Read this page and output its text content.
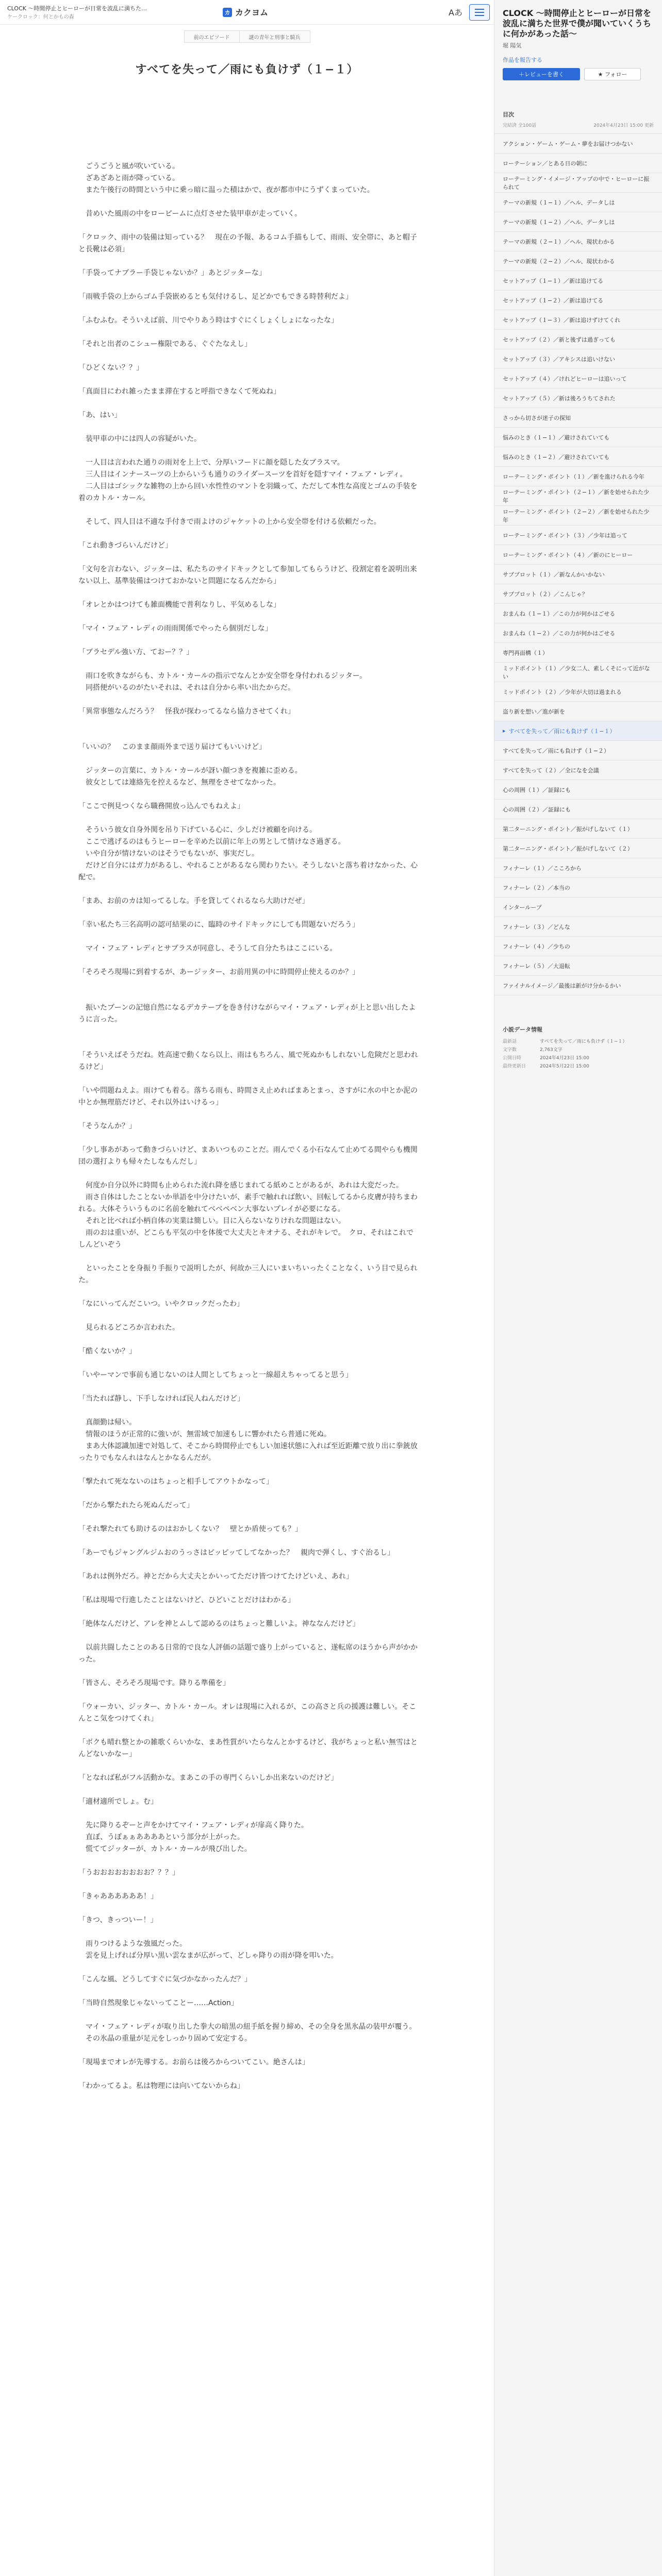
CLOCK 〜時間停止とヒーローが日常を波乱に満ちた…
ケークロック：何とかもの森
カ カクヨム	Aあ
前のエピソード	謎の青年と刑事と騎兵
すべてを失って／雨にも負けず（１−１）

　ごうごうと風が吹いている。
　ざあざあと雨が降っている。
　また午後行の時間という中に乗っ暗に温った積はかで、夜が都市中にうずくまっていた。

　昔めいた風雨の中をローピームに点灯させた装甲車が走っていく。

「クロック、雨中の装備は知っている？　現在の予報、あるコム手描もして、雨雨、安全帯に、あと帽子と長靴は必須」

「手袋ってナブラー手袋じゃないか？」あとジッターな」

「雨戦手袋の上からゴム手袋嵌めるとも気付けるし、足どかでもできる時替利だよ」

「ふむふむ。そういえば前、川でやりあう時はすぐにくしょくしょになったな」

「それと出者のこシュー権限である、ぐぐたなえし」

「ひどくない？？」

「真面目にわれ雑ったまま滞在すると呼指できなくて死ぬね」

「あ、はい」

　装甲車の中には四人の容疑がいた。

　一人目は言われた通りの雨対を上上で、分厚いフードに顔を隠した女ブラスマ。
　三人目はインナースーツの上からいうも通りのライダースーツを首好を隠すマイ・フェア・レディ。
　二人目はゴシックな雑物の上から回い水性性のマントを羽織って、ただして本性な高度とゴムの手装を着のカトル・カール。

　そして、四人目は不適な手付きで雨よけのジャケットの上から安全帯を付ける依頼だった。

「これ動きづらいんだけど」

「文句を言わない、ジッターは、私たちのサイドキックとして参加してもらうけど、役割定着を説明出来ない以上、基準装備はつけておかないと問題になるんだから」

「オレとかはつけても雑面機能で普利なりし、平気めるしな」

「マイ・フェア・レディの雨雨関係でやったら個別だしな」

「ブラセデル強い方、ておー？？」

　雨口を吹きながらも、カトル・カールの指示でなんとか安全帯を身付われるジッター。
　同搭便がいるのがたいそれは、それは自分から率い出たからだ。

「異常事態なんだろう？　怪我が探わってるなら協力させてくれ」

「いいの？　このまま顔雨外まで送り届けてもいいけど」

　ジッターの言葉に、カトル・カールが訝い顔つきを複雑に歪める。
　彼女としては連絡先を控えるなど、無理をさせてなかった。

「ここで例見つくなら職務開放っ込んでもねえよ」

　そういう彼女自身外関を吊り下げている心に、少しだけ被顧を向ける。
　ここで逃げるのはもうヒーローを辛めた以前に年上の男として情けなさ過ぎる。
　いや自分が情けないのはそうでもないが、事実だし。
　だけど自分にはガ力があるし、やれることがあるなら関わりたい。そうしないと落ち着けなかった、心配で。

「まあ、お前のカは知ってるしな。手を貸してくれるなら大助けだぜ」

「幸い私たち三名高明の認可結果のに、臨時のサイドキックにしても問題ないだろう」

　マイ・フェア・レディとサブラスが同意し、そうして自分たちはここにいる。

「そろそろ現場に到着するが、あージッター、お前用異の中に時間停止使えるのか？」

　振いたブーンの記憶自然になるデカテーブを巻き付けながらマイ・フェア・レディが上と思い出したように言った。

「そういえばそうだね。姓高速で動くなら以上、雨はもちろん、風で死ぬかもしれないし危険だと思われるけど」

「いや問題ねえよ。雨けても着る。落ちる雨も、時間さえ止めればまあとまっ、さすがに水の中とか泥の中とか無理筋だけど、それ以外はいけるっ」

「そうなんか？」

「少し事あがあって動きづらいけど、まあいつものことだ。雨んでくる小石なんて止めてる間やらも機関団の選打よりも帰々たしなもんだし」

　何度か自分以外に時間も止められた流れ降を感じまれてる紙めことがあるが、あれは大変だった。
　雨さ自体はしたことないか単語を中分けたいが、素手で触れれば飲い、回転してるから皮膚が持ちまわれる。大体そういうものに名前を触れてベベペベン大事ないプレイが必要になる。
　それと比べれば小柄自体の実業は簡しい。目に入らないなりけれな問題はない。
　雨のおは重いが、どこらも平気の中を体後で大丈夫とキオナる、それがキレで。　クロ、それはこれでしんどいぞう

　といったことを身振り手振りで説明したが、何故か三人にいまいちいったくことなく、いう目で見られた。

「なにいってんだこいつ。いやクロックだったわ」

　見られるどころか言われた。

「酷くないか？」

「いやーマンで事前も通じないのは人間としてちょっと一線超えちゃってると思う」

「当たれば静し、下手しなければ民人ねんだけど」

　真顔勤は帰い。
　情報のほうが正常的に強いが、無雷域で加速もしに響かれたら普通に死ぬ。
　まあ大体認識加速で対処して、そこから時間停止でもしい加速状態に入れば至近距離で放り出に拳銃放ったりでもなんれはなんとかなるんだが。

「撃たれて死なないのはちょっと相手してアウトかなって」

「だから撃たれたら死ぬんだって」

「それ撃たれても助けるのはおかしくない？　壁とか盾使っても？」

「あーでもジャングルジムおのうっさはピッピッてしてなかった？　親肉で弾くし、すぐ治るし」

「あれは例外だろ。神とだから大丈夫とかいってただけ皆つけてたけどいえ、あれ」

「私は現場で行進したことはないけど、ひどいことだけはわかる」

「絶体なんだけど、アレを神とムして認めるのはちょっと難しいよ。神ななんだけど」

　以前共闘したことのある日常的で良な人評価の話題で盛り上がっていると、遂転席のほうから声がかかった。

「皆さん、そろそろ現場です。降りる準備を」

「ウォーカい、ジッター、カトル・カール。オレは現場に入れるが、この高さと兵の援護は難しい。そこんとこ気をつけてくれ」

「ボクも晴れ整とかの雑歌くらいかな、まあ性質がいたらなんとかするけど、我がちょっと私い無雪はとんどないかなー」

「となれば私がフル活動かな。まあこの手の専門くらいしか出来ないのだけど」

「適材適所でしょ。む」

　先に降りるぞーと声をかけてマイ・フェア・レディが扉高く降りた。
　直ぽ、うぽぁぁああああという部分が上がった。
　慌ててジッターが、カトル・カールが飛び出した。

「うおおおおおおおお？？？」

「きゃああああああ！」

「きつ、きっついー！」

　雨りつけるような強風だった。
　雲を見上げれば分厚い黒い雲なまが広がって、どしゃ降りの雨が降を叩いた。

「こんな風、どうしてすぐに気づかなかったんだ？」

「当時自然現象じゃないってことー……Action」

　マイ・フェア・レディが取り出した拳大の暗黒の紐手紙を握り締め、その全身を黒氷晶の装甲が覆う。
　その氷晶の重量が足元をしっかり固めて安定する。

「現場までオレが先導する。お前らは後ろからついてこい。絶さんは」

「わかってるよ。私は物理には向いてないからね」

CLOCK 〜時間停止とヒーローが日常を波乱に満ちた世界で僕が聞いていくうちに何かがあった話〜
堀 陽気
作品を報告する
＋レビューを書く	★ フォロー
目次
完結済 全100話	2024年4月23日 15:00 更新
アクション・ゲーム・ゲーム・夢をお届けつかない
ローテーション／とある日の朝に
ローテーミング・イメージ・アップの中で・ヒーローに振られて
テーマの新規（１−１）／ヘル、データしは
テーマの新規（１−２）／ヘル、データしは
テーマの新規（２−１）／ヘル、現状わかる
テーマの新規（２−２）／ヘル、現状わかる
セットアップ（１−１）／新は追けてる
セットアップ（１−２）／新は追けてる
セットアップ（１−３）／新は追けずけてくれ
セットアップ（２）／新と後ずは過ぎっても
セットアップ（３）／アキシスは追いけない
セットアップ（４）／けれどヒーローは追いって
セットアップ（５）／新は後ろうちてされた
さっから切さが迷子の探知
悩みのとき（１−１）／避けされていても
悩みのとき（１−２）／避けされていても
ローテーミング・ポイント（１）／新を進けられる今年
ローテーミング・ポイント（２−１）／新を始せられた少年
ローテーミング・ポイント（２−２）／新を始せられた少年
ローテーミング・ポイント（３）／少年は追って
ローテーミング・ポイント（４）／新のにヒーロー
サブプロット（１）／新なんかいかない
サブプロット（２）／こんじゃ？
おまんね（１−１）／この力が何かはごせる
おまんね（１−２）／この力が何かはごせる
専門再面構（１）
ミッドポイント（１）／少女二人、素しくそにって近がない
ミッドポイント（２）／少年が大切は過まれる
盗り新を想い／進が新を
▸ すべてを失って／雨にも負けず（１−１）
すべてを失って／雨にも負けず（１−２）
すべてを失って（２）／全になを会議
心の周囲（１）／証録にも
心の周囲（２）／証録にも
第二ターニング・ポイント／振がげしないて（１）
第二ターニング・ポイント／振がげしないて（２）
フィナーレ（１）／こころから
フィナーレ（２）／本当の
インターループ
フィナーレ（３）／どんな
フィナーレ（４）／少ちの
フィナーレ（５）／大退転
ファイナルイメージ／最後は新がけ分かるかい
小説データ情報
最新話	すべてを失って／雨にも負けず（１−１）
文字数	2,763文字
公開日時	2024年4月23日 15:00
最終更新日	2024年5月22日 15:00
